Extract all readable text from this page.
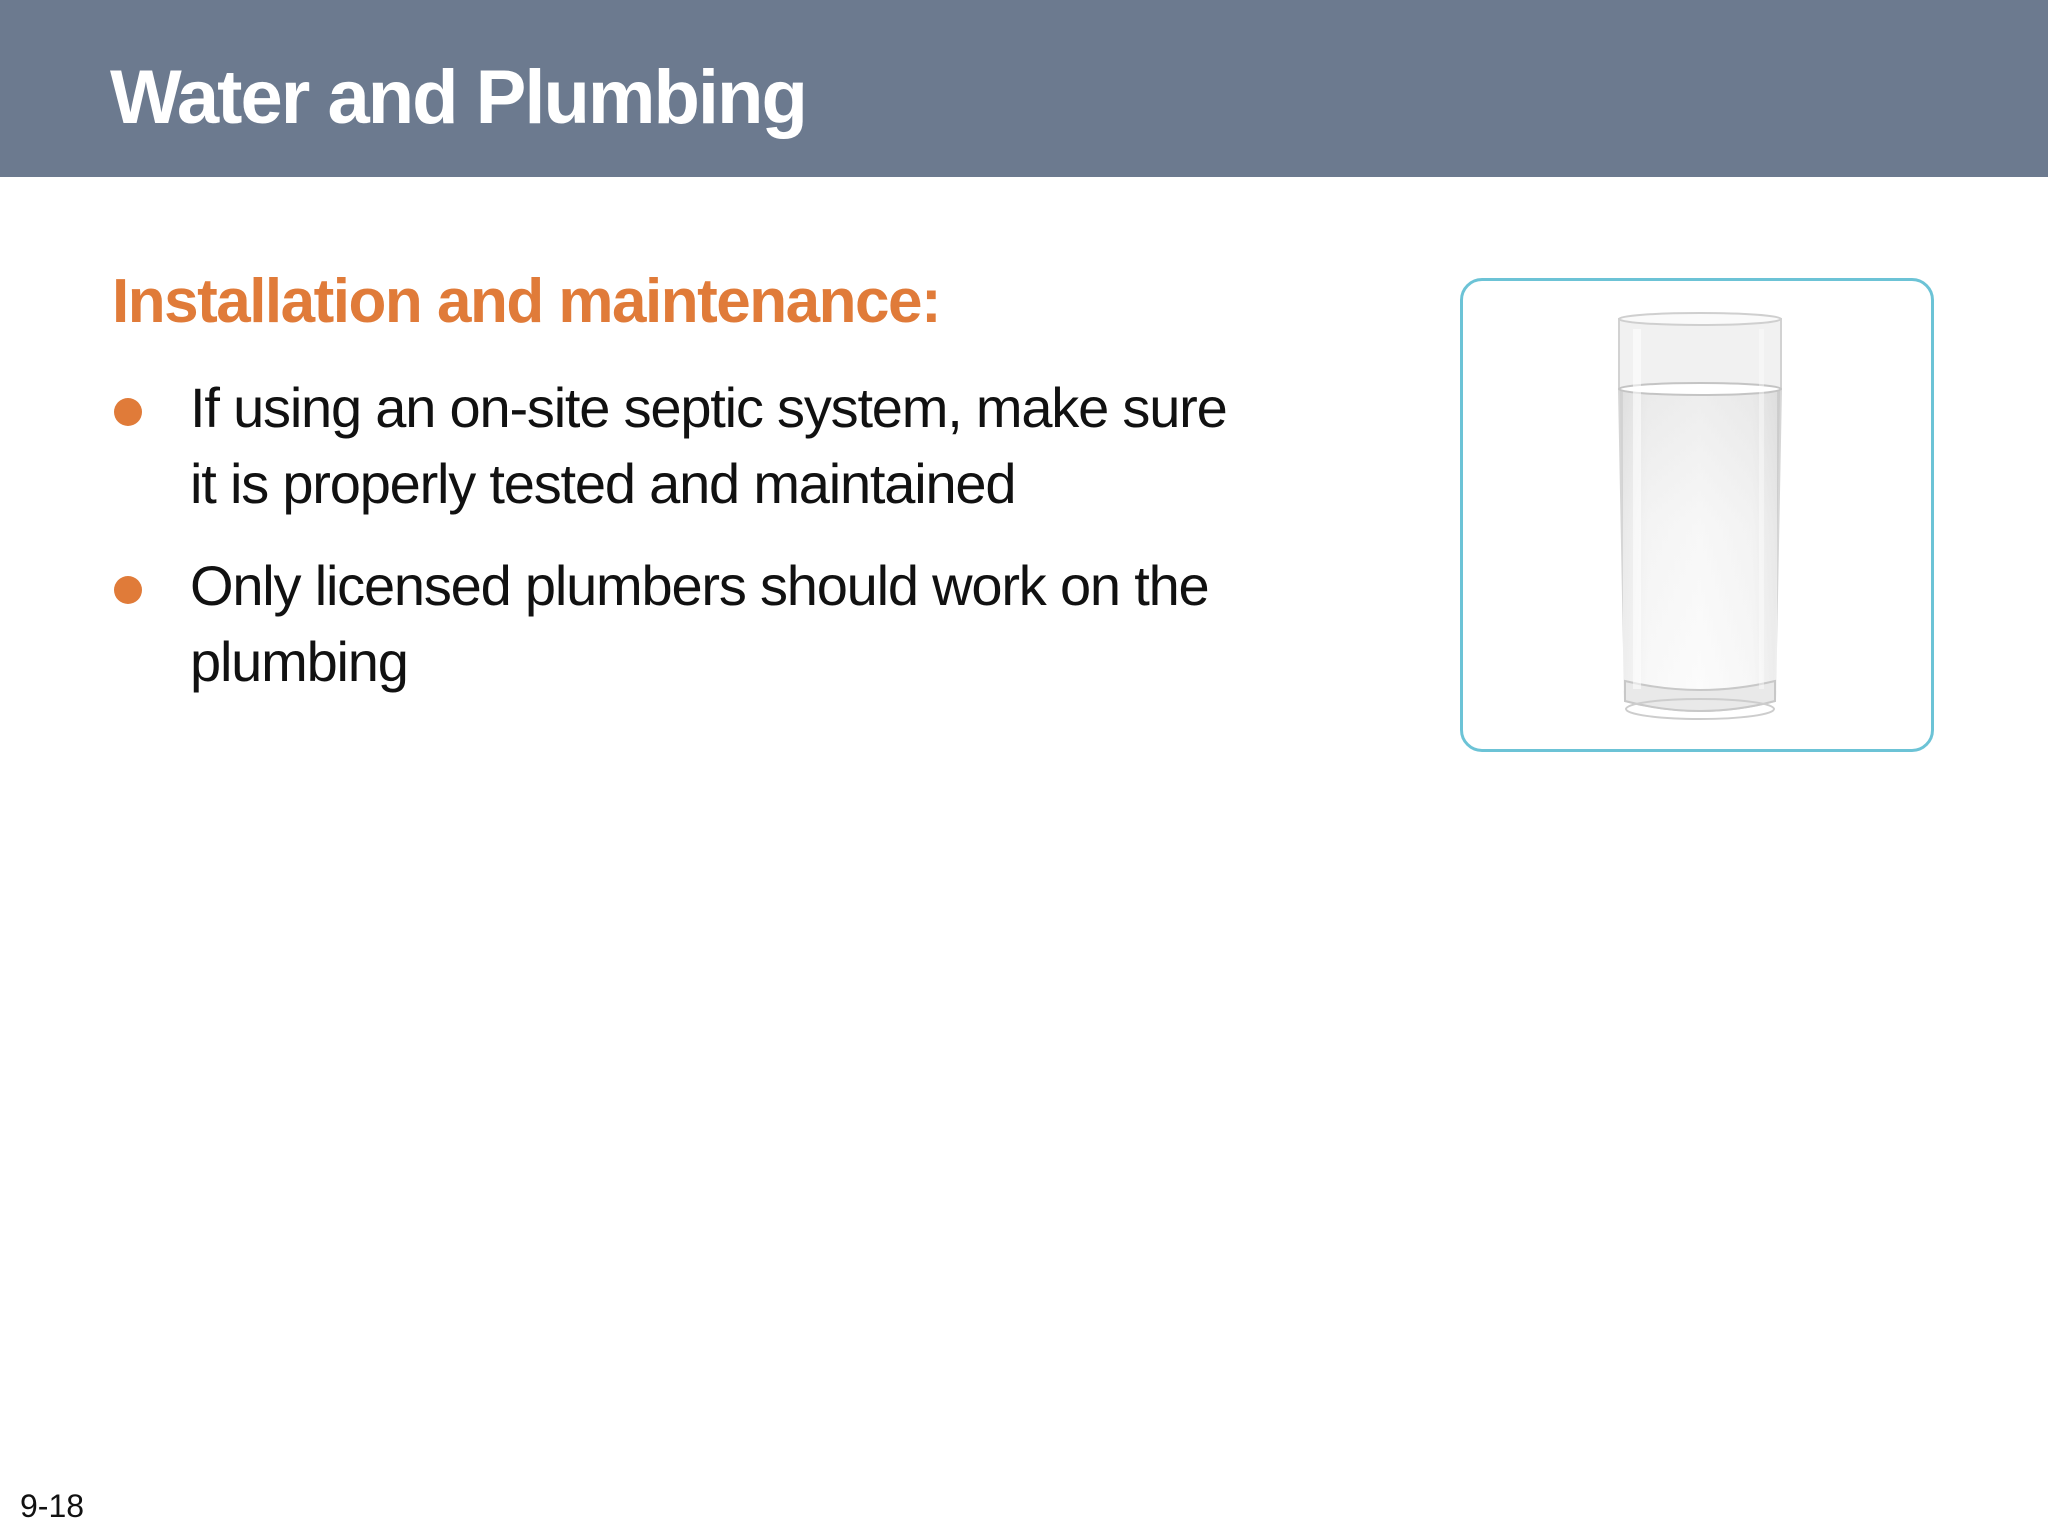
Water and Plumbing
Installation and maintenance:
If using an on-site septic system, make sure it is properly tested and maintained
Only licensed plumbers should work on the plumbing

9-18
